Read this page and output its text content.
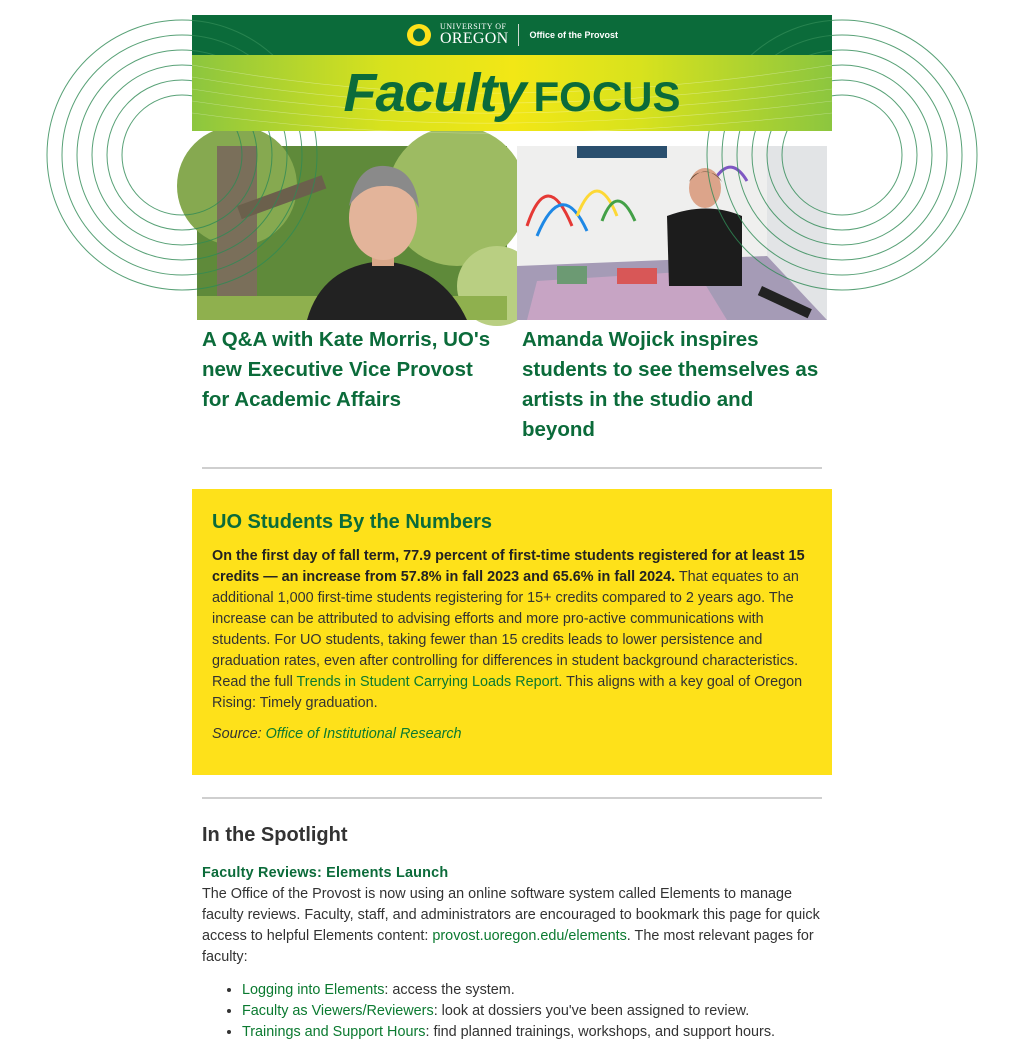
UNIVERSITY OF
OREGON Office of the Provost
Faculty FOCUS
A Q&A with Kate Morris, UO's new Executive Vice Provost for Academic Affairs
Amanda Wojick inspires students to see themselves as artists in the studio and beyond
UO Students By the Numbers

On the first day of fall term, 77.9 percent of first-time students registered for at least 15 credits — an increase from 57.8% in fall 2023 and 65.6% in fall 2024. That equates to an additional 1,000 first-time students registering for 15+ credits compared to 2 years ago. The increase can be attributed to advising efforts and more pro-active communications with students. For UO students, taking fewer than 15 credits leads to lower persistence and graduation rates, even after controlling for differences in student background characteristics. Read the full Trends in Student Carrying Loads Report. This aligns with a key goal of Oregon Rising: Timely graduation.

Source: Office of Institutional Research

In the Spotlight
Faculty Reviews: Elements Launch

The Office of the Provost is now using an online software system called Elements to manage faculty reviews. Faculty, staff, and administrators are encouraged to bookmark this page for quick access to helpful Elements content: provost.uoregon.edu/elements. The most relevant pages for faculty:

• Logging into Elements: access the system.
• Faculty as Viewers/Reviewers: look at dossiers you've been assigned to review.
• Trainings and Support Hours: find planned trainings, workshops, and support hours.
